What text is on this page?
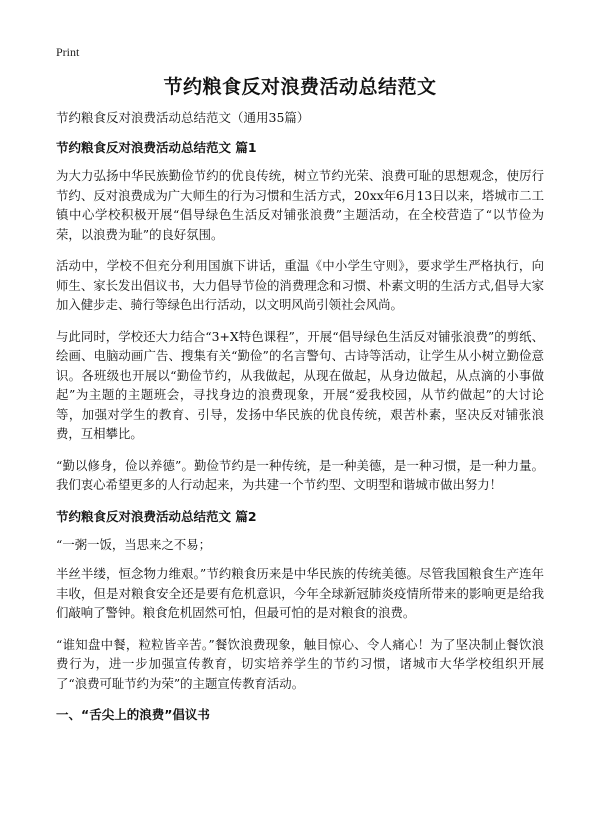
Print
节约粮食反对浪费活动总结范文

节约粮食反对浪费活动总结范文（通用35篇）

节约粮食反对浪费活动总结范文 篇1

为大力弘扬中华民族勤俭节约的优良传统，树立节约光荣、浪费可耻的思想观念，使厉行节约、反对浪费成为广大师生的行为习惯和生活方式，20xx年6月13日以来，塔城市二工镇中心学校积极开展“倡导绿色生活反对铺张浪费”主题活动，在全校营造了“以节俭为荣，以浪费为耻”的良好氛围。

活动中，学校不但充分利用国旗下讲话，重温《中小学生守则》，要求学生严格执行，向师生、家长发出倡议书，大力倡导节俭的消费理念和习惯、朴素文明的生活方式,倡导大家加入健步走、骑行等绿色出行活动，以文明风尚引领社会风尚。

与此同时，学校还大力结合“3+X特色课程”，开展“倡导绿色生活反对铺张浪费”的剪纸、绘画、电脑动画广告、搜集有关“勤俭”的名言警句、古诗等活动，让学生从小树立勤俭意识。各班级也开展以“勤俭节约，从我做起，从现在做起，从身边做起，从点滴的小事做起”为主题的主题班会，寻找身边的浪费现象，开展“爱我校园，从节约做起”的大讨论等，加强对学生的教育、引导，发扬中华民族的优良传统，艰苦朴素，坚决反对铺张浪费，互相攀比。

“勤以修身，俭以养德”。勤俭节约是一种传统，是一种美德，是一种习惯，是一种力量。我们衷心希望更多的人行动起来，为共建一个节约型、文明型和谐城市做出努力！

节约粮食反对浪费活动总结范文 篇2

“一粥一饭，当思来之不易；

半丝半缕，恒念物力维艰。”节约粮食历来是中华民族的传统美德。尽管我国粮食生产连年丰收，但是对粮食安全还是要有危机意识，今年全球新冠肺炎疫情所带来的影响更是给我们敲响了警钟。粮食危机固然可怕，但最可怕的是对粮食的浪费。

“谁知盘中餐，粒粒皆辛苦。”餐饮浪费现象，触目惊心、令人痛心！为了坚决制止餐饮浪费行为，进一步加强宣传教育，切实培养学生的节约习惯，诸城市大华学校组织开展了“浪费可耻节约为荣”的主题宣传教育活动。

一、“舌尖上的浪费”倡议书
